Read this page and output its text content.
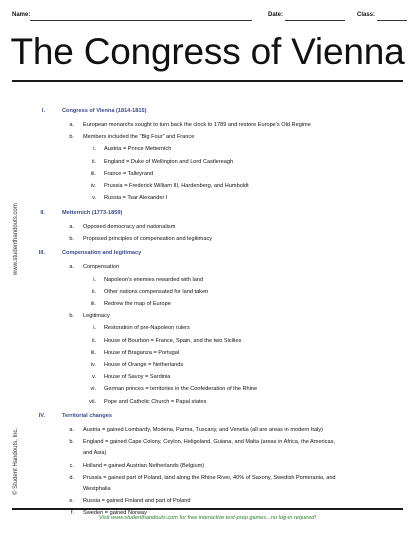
Name:	Date:	Class:
The Congress of Vienna
www.studenthandouts.com
© Student Handouts, Inc.
I.	Congress of Vienna (1814-1815)
a. European monarchs sought to turn back the clock to 1789 and restore Europe’s Old Regime
b. Members included the “Big Four” and France
i. Austria = Prince Metternich
ii. England = Duke of Wellington and Lord Castlereagh
iii. France = Talleyrand
iv. Prussia = Frederick William III, Hardenberg, and Humboldt
v. Russia = Tsar Alexander I
II.	Metternich (1773-1859)
a. Opposed democracy and nationalism
b. Proposed principles of compensation and legitimacy
III.	Compensation and legitimacy
a. Compensation
i. Napoleon’s enemies rewarded with land
ii. Other nations compensated for land taken
iii. Redrew the map of Europe
b. Legitimacy
i. Restoration of pre-Napoleon rulers
ii. House of Bourbon = France, Spain, and the two Sicilies
iii. House of Braganza = Portugal
iv. House of Orange = Netherlands
v. House of Savoy = Sardinia
vi. German princes = territories in the Confederation of the Rhine
vii. Pope and Catholic Church = Papal states
IV.	Territorial changes
a. Austria = gained Lombardy, Modena, Parma, Tuscany, and Venetia (all are areas in modern Italy)
b. England = gained Cape Colony, Ceylon, Heligoland, Guiana, and Malta (areas in Africa, the Americas,
and Asia)
c. Holland = gained Austrian Netherlands (Belgium)
d. Prussia = gained part of Poland, land along the Rhine River, 40% of Saxony, Swedish Pomerania, and
Westphalia
e. Russia = gained Finland and part of Poland
f. Sweden = gained Norway
Visit www.studenthandouts.com for free interactive test-prep games...no log-in required!
